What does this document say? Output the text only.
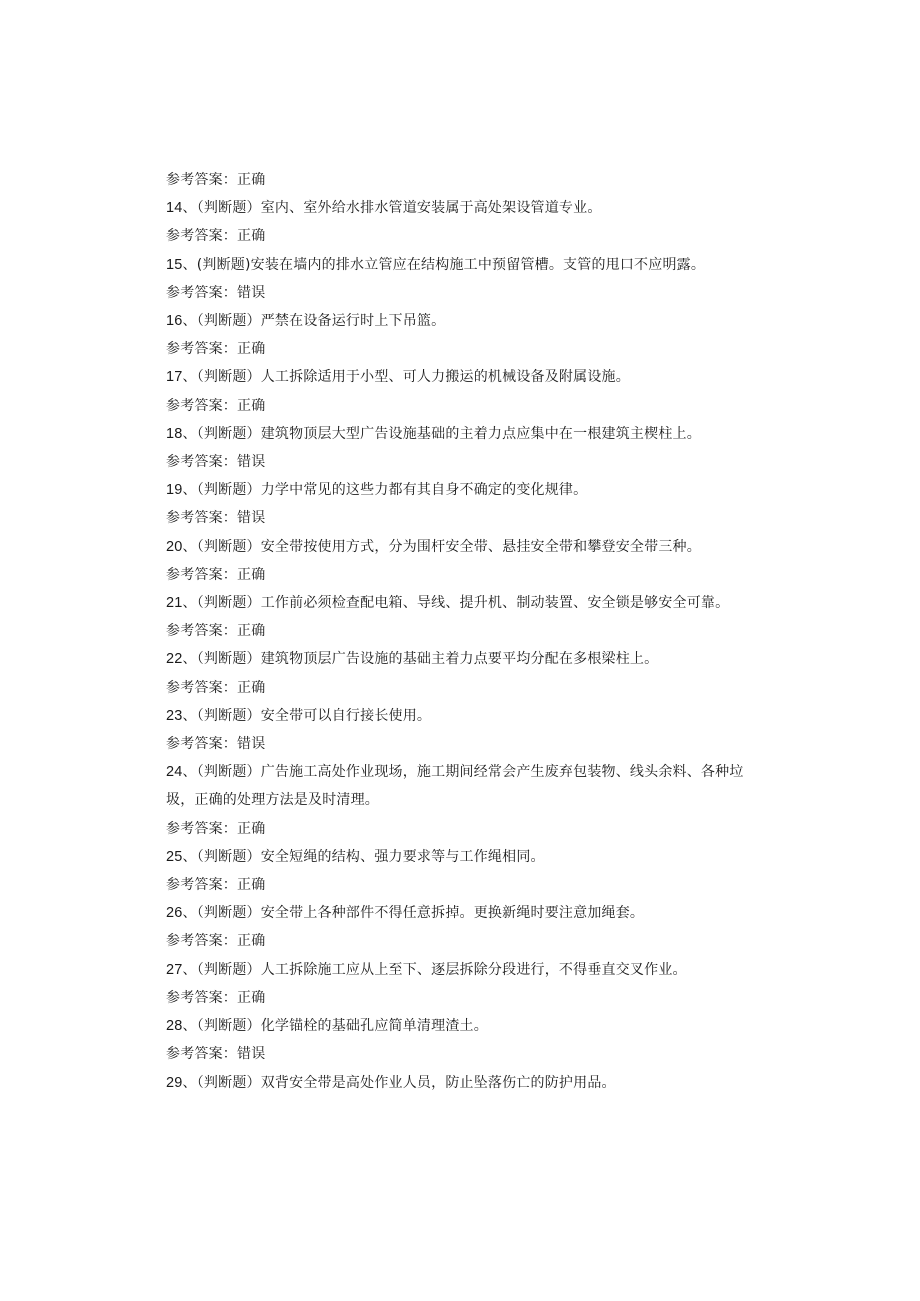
参考答案：正确
14、（判断题）室内、室外给水排水管道安装属于高处架设管道专业。
参考答案：正确
15、(判断题)安装在墙内的排水立管应在结构施工中预留管槽。支管的甩口不应明露。
参考答案：错误
16、（判断题）严禁在设备运行时上下吊篮。
参考答案：正确
17、（判断题）人工拆除适用于小型、可人力搬运的机械设备及附属设施。
参考答案：正确
18、（判断题）建筑物顶层大型广告设施基础的主着力点应集中在一根建筑主楔柱上。
参考答案：错误
19、（判断题）力学中常见的这些力都有其自身不确定的变化规律。
参考答案：错误
20、（判断题）安全带按使用方式，分为围杆安全带、悬挂安全带和攀登安全带三种。
参考答案：正确
21、（判断题）工作前必须检查配电箱、导线、提升机、制动装置、安全锁是够安全可靠。
参考答案：正确
22、（判断题）建筑物顶层广告设施的基础主着力点要平均分配在多根梁柱上。
参考答案：正确
23、（判断题）安全带可以自行接长使用。
参考答案：错误
24、（判断题）广告施工高处作业现场，施工期间经常会产生废弃包装物、线头余料、各种垃圾，正确的处理方法是及时清理。
参考答案：正确
25、（判断题）安全短绳的结构、强力要求等与工作绳相同。
参考答案：正确
26、（判断题）安全带上各种部件不得任意拆掉。更换新绳时要注意加绳套。
参考答案：正确
27、（判断题）人工拆除施工应从上至下、逐层拆除分段进行，不得垂直交叉作业。
参考答案：正确
28、（判断题）化学锚栓的基础孔应简单清理渣土。
参考答案：错误
29、（判断题）双背安全带是高处作业人员，防止坠落伤亡的防护用品。
